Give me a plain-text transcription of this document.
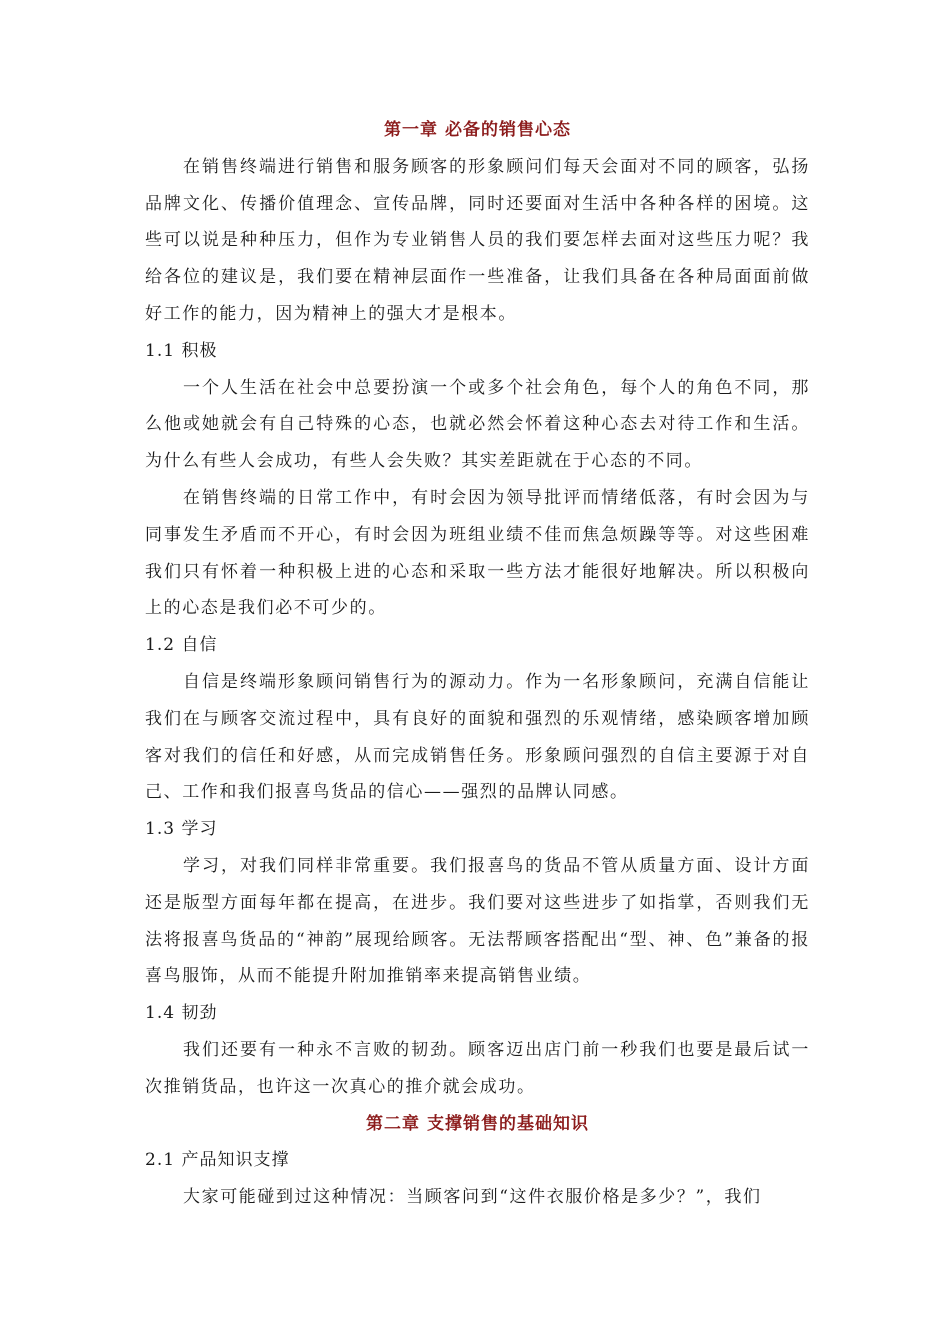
第一章 必备的销售心态

在销售终端进行销售和服务顾客的形象顾问们每天会面对不同的顾客，弘扬品牌文化、传播价值理念、宣传品牌，同时还要面对生活中各种各样的困境。这些可以说是种种压力，但作为专业销售人员的我们要怎样去面对这些压力呢？我给各位的建议是，我们要在精神层面作一些准备，让我们具备在各种局面面前做好工作的能力，因为精神上的强大才是根本。

1.1 积极

一个人生活在社会中总要扮演一个或多个社会角色，每个人的角色不同，那么他或她就会有自己特殊的心态，也就必然会怀着这种心态去对待工作和生活。为什么有些人会成功，有些人会失败？其实差距就在于心态的不同。

在销售终端的日常工作中，有时会因为领导批评而情绪低落，有时会因为与同事发生矛盾而不开心，有时会因为班组业绩不佳而焦急烦躁等等。对这些困难我们只有怀着一种积极上进的心态和采取一些方法才能很好地解决。所以积极向上的心态是我们必不可少的。

1.2 自信

自信是终端形象顾问销售行为的源动力。作为一名形象顾问，充满自信能让我们在与顾客交流过程中，具有良好的面貌和强烈的乐观情绪，感染顾客增加顾客对我们的信任和好感，从而完成销售任务。形象顾问强烈的自信主要源于对自己、工作和我们报喜鸟货品的信心——强烈的品牌认同感。

1.3 学习

学习，对我们同样非常重要。我们报喜鸟的货品不管从质量方面、设计方面还是版型方面每年都在提高，在进步。我们要对这些进步了如指掌，否则我们无法将报喜鸟货品的“神韵”展现给顾客。无法帮顾客搭配出“型、神、色”兼备的报喜鸟服饰，从而不能提升附加推销率来提高销售业绩。

1.4 韧劲

我们还要有一种永不言败的韧劲。顾客迈出店门前一秒我们也要是最后试一次推销货品，也许这一次真心的推介就会成功。

第二章 支撑销售的基础知识

2.1 产品知识支撑

大家可能碰到过这种情况：当顾客问到“这件衣服价格是多少？”，我们
